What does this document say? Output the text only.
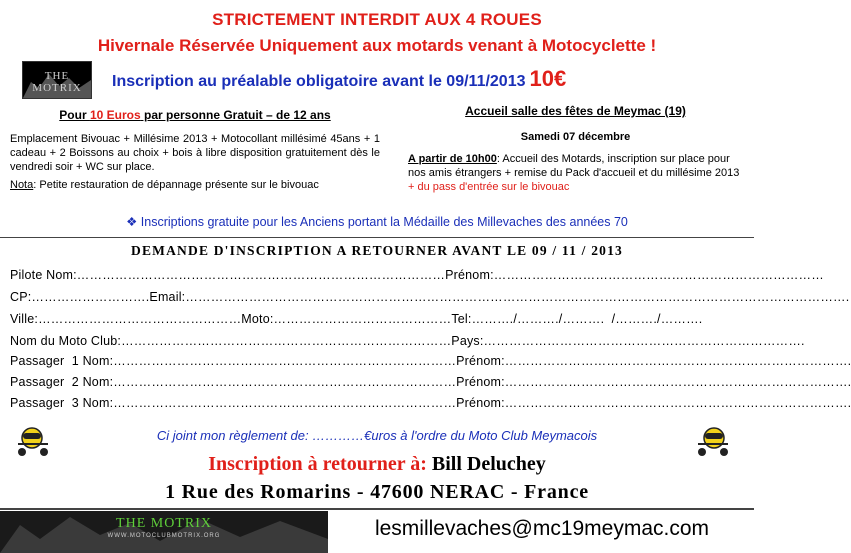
STRICTEMENT INTERDIT AUX 4 ROUES
Hivernale Réservée Uniquement aux motards venant à Motocyclette !
THE MOTRIX	Inscription au préalable obligatoire avant le 09/11/2013 10€
Pour 10 Euros par personne Gratuit – de 12 ans

Emplacement Bivouac + Millésime 2013 + Motocollant millésimé 45ans + 1 cadeau + 2 Boissons au choix + bois à libre disposition gratuitement dès le vendredi soir + WC sur place.

Nota: Petite restauration de dépannage présente sur le bivouac

Accueil salle des fêtes de Meymac (19)
Samedi 07 décembre
A partir de 10h00: Accueil des Motards, inscription sur place pour nos amis étrangers + remise du Pack d'accueil et du millésime 2013 + du pass d'entrée sur le bivouac
❖ Inscriptions gratuite pour les Anciens portant la Médaille des Millevaches des années 70
DEMANDE D'INSCRIPTION A RETOURNER AVANT LE 09 / 11 / 2013
Pilote Nom:……………………………………………………………………………Prénom:……………………………………………………………………
CP:……………………….Email:………………………………………………………………………………………………………………………………………….
Ville:…………………………………………Moto:……………………………………Tel:………./………./……….  /………./……….
Nom du Moto Club:……………………………………………………………………Pays:………………………………………………………………….
Passager  1 Nom:………………………………………………………………………Prénom:……………………………………………………………………….
Passager  2 Nom:………………………………………………………………………Prénom:……………………………………………………………………….
Passager  3 Nom:………………………………………………………………………Prénom:……………………………………………………………………….
Ci joint mon règlement de: …………€uros à l'ordre du Moto Club Meymacois
Inscription à retourner à: Bill Deluchey
1 Rue des Romarins - 47600 NERAC - France
THE MOTRIX
WWW.MOTOCLUBMOTRIX.ORG	lesmillevaches@mc19meymac.com
